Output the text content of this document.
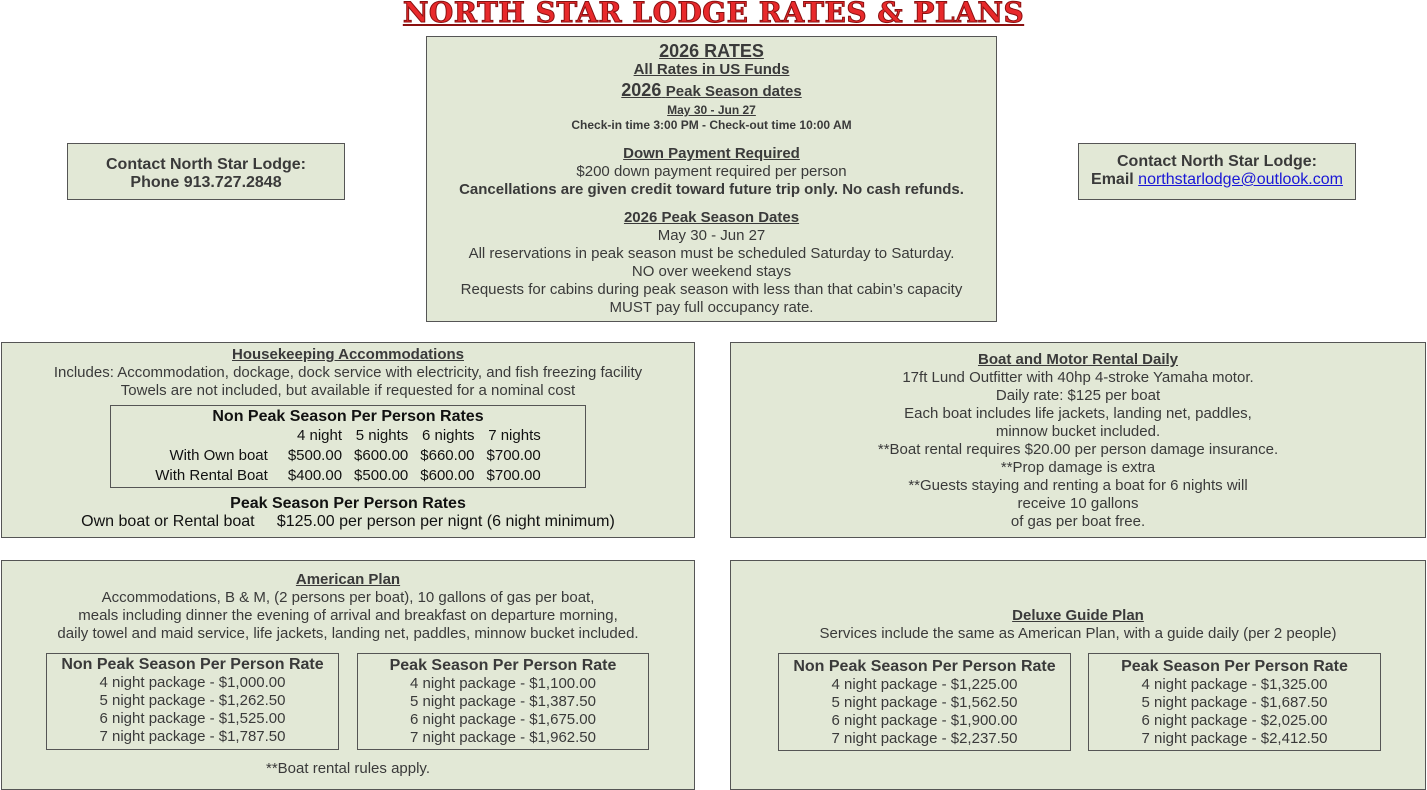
NORTH STAR LODGE RATES & PLANS
2026 RATES
All Rates in US Funds
2026 Peak Season dates
May 30 - Jun 27
Check-in time 3:00 PM - Check-out time 10:00 AM
Down Payment Required
$200 down payment required per person
Cancellations are given credit toward future trip only. No cash refunds.
2026 Peak Season Dates
May 30 - Jun 27
All reservations in peak season must be scheduled Saturday to Saturday.
NO over weekend stays
Requests for cabins during peak season with less than that cabin’s capacity
MUST pay full occupancy rate.
Contact North Star Lodge:
Phone 913.727.2848
Contact North Star Lodge:
Email northstarlodge@outlook.com
Housekeeping Accommodations
Includes: Accommodation, dockage, dock service with electricity, and fish freezing facility
Towels are not included, but available if requested for a nominal cost
Non Peak Season Per Person Rates
	4 night	5 nights	6 nights	7 nights
With Own boat	$500.00	$600.00	$660.00	$700.00
With Rental Boat	$400.00	$500.00	$600.00	$700.00
Peak Season Per Person Rates
Own boat or Rental boat $125.00 per person per nignt (6 night minimum)
Boat and Motor Rental Daily
17ft Lund Outfitter with 40hp 4-stroke Yamaha motor.
Daily rate: $125 per boat
Each boat includes life jackets, landing net, paddles,
minnow bucket included.
**Boat rental requires $20.00 per person damage insurance.
**Prop damage is extra
**Guests staying and renting a boat for 6 nights will
receive 10 gallons
of gas per boat free.
American Plan
Accommodations, B & M, (2 persons per boat), 10 gallons of gas per boat,
meals including dinner the evening of arrival and breakfast on departure morning,
daily towel and maid service, life jackets, landing net, paddles, minnow bucket included.
Non Peak Season Per Person Rate
4 night package - $1,000.00
5 night package - $1,262.50
6 night package - $1,525.00
7 night package - $1,787.50
Peak Season Per Person Rate
4 night package - $1,100.00
5 night package - $1,387.50
6 night package - $1,675.00
7 night package - $1,962.50
**Boat rental rules apply.
Deluxe Guide Plan
Services include the same as American Plan, with a guide daily (per 2 people)
Non Peak Season Per Person Rate
4 night package - $1,225.00
5 night package - $1,562.50
6 night package - $1,900.00
7 night package - $2,237.50
Peak Season Per Person Rate
4 night package - $1,325.00
5 night package - $1,687.50
6 night package - $2,025.00
7 night package - $2,412.50
